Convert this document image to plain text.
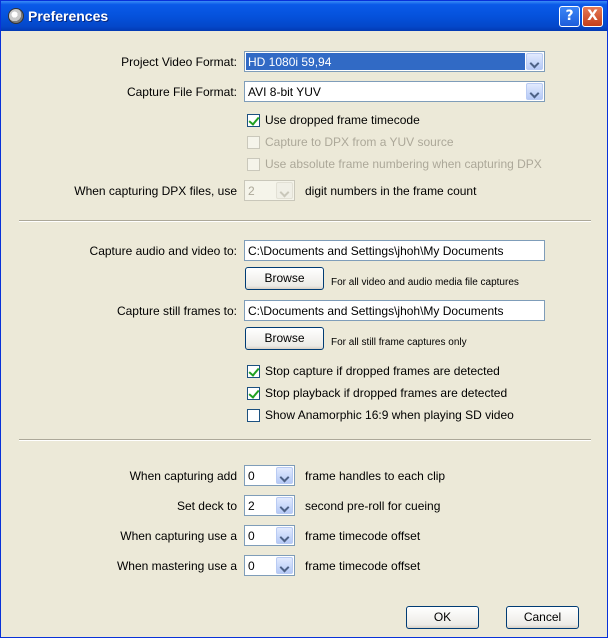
Preferences	? X
Project Video Format: HD 1080i 59,94
Capture File Format: AVI 8-bit YUV
Use dropped frame timecode
Capture to DPX from a YUV source
Use absolute frame numbering when capturing DPX
When capturing DPX files, use 2	digit numbers in the frame count
Capture audio and video to: C:\Documents and Settings\jhoh\My Documents
Browse	For all video and audio media file captures
Capture still frames to: C:\Documents and Settings\jhoh\My Documents
Browse	For all still frame captures only
Stop capture if dropped frames are detected
Stop playback if dropped frames are detected
Show Anamorphic 16:9 when playing SD video
When capturing add 0	frame handles to each clip
Set deck to 2	second pre-roll for cueing
When capturing use a 0	frame timecode offset
When mastering use a 0	frame timecode offset
OK	Cancel
